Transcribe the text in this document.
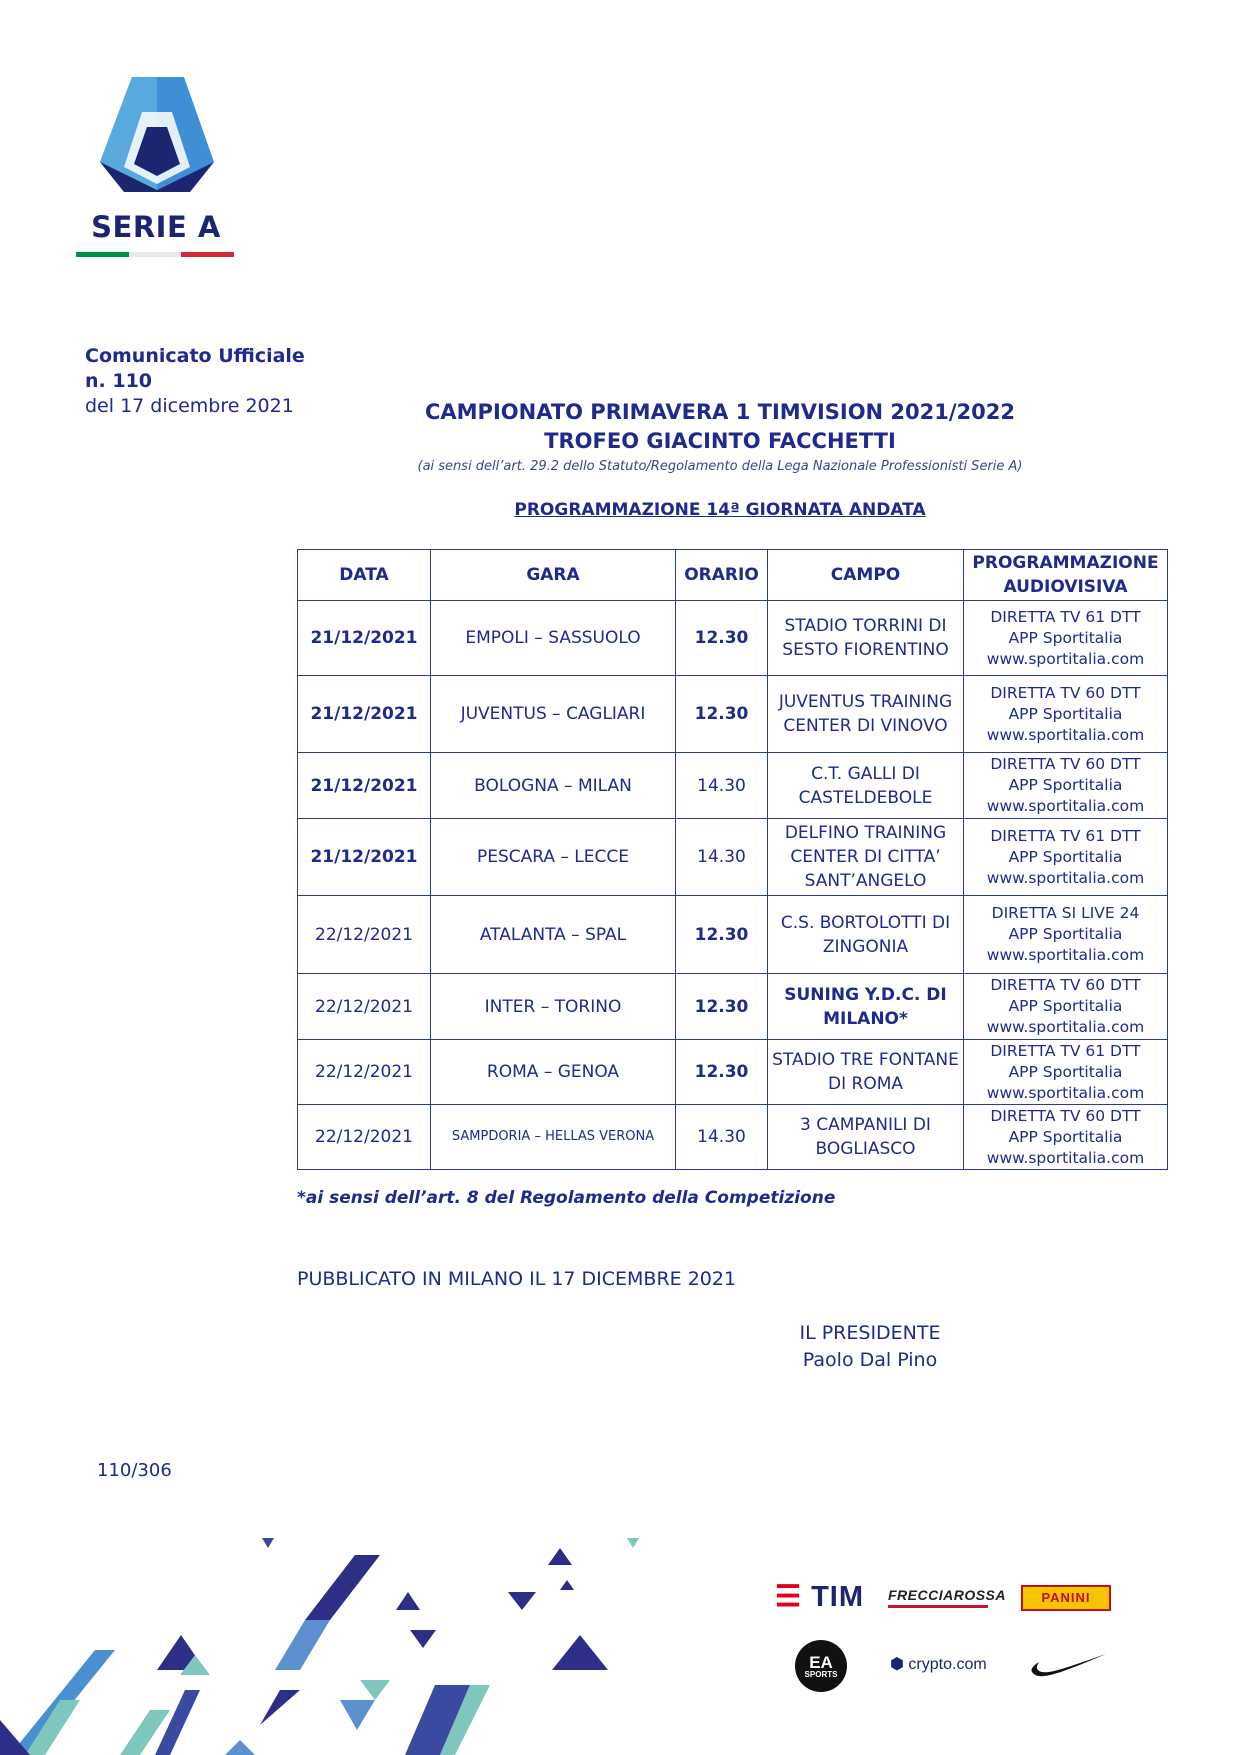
SERIE A
Comunicato Ufficiale
n. 110
del 17 dicembre 2021	CAMPIONATO PRIMAVERA 1 TIMVISION 2021/2022
TROFEO GIACINTO FACCHETTI
(ai sensi dell’art. 29.2 dello Statuto/Regolamento della Lega Nazionale Professionisti Serie A)
PROGRAMMAZIONE 14ª GIORNATA ANDATA
DATA	GARA	ORARIO	CAMPO	PROGRAMMAZIONE AUDIOVISIVA
21/12/2021	EMPOLI – SASSUOLO	12.30	STADIO TORRINI DI SESTO FIORENTINO	DIRETTA TV 61 DTT
APP Sportitalia
www.sportitalia.com
21/12/2021	JUVENTUS – CAGLIARI	12.30	JUVENTUS TRAINING CENTER DI VINOVO	DIRETTA TV 60 DTT
APP Sportitalia
www.sportitalia.com
21/12/2021	BOLOGNA – MILAN	14.30	C.T. GALLI DI CASTELDEBOLE	DIRETTA TV 60 DTT
APP Sportitalia
www.sportitalia.com
21/12/2021	PESCARA – LECCE	14.30	DELFINO TRAINING CENTER DI CITTA’ SANT’ANGELO	DIRETTA TV 61 DTT
APP Sportitalia
www.sportitalia.com
22/12/2021	ATALANTA – SPAL	12.30	C.S. BORTOLOTTI DI ZINGONIA	DIRETTA SI LIVE 24
APP Sportitalia
www.sportitalia.com
22/12/2021	INTER – TORINO	12.30	SUNING Y.D.C. DI MILANO*	DIRETTA TV 60 DTT
APP Sportitalia
www.sportitalia.com
22/12/2021	ROMA – GENOA	12.30	STADIO TRE FONTANE DI ROMA	DIRETTA TV 61 DTT
APP Sportitalia
www.sportitalia.com
22/12/2021	SAMPDORIA – HELLAS VERONA	14.30	3 CAMPANILI DI BOGLIASCO	DIRETTA TV 60 DTT
APP Sportitalia
www.sportitalia.com
*ai sensi dell’art. 8 del Regolamento della Competizione
PUBBLICATO IN MILANO IL 17 DICEMBRE 2021
IL PRESIDENTE
Paolo Dal Pino
110/306
☰ TIM FRECCIAROSSA	PANINI
EA
SPORTS
⬢ crypto.com
